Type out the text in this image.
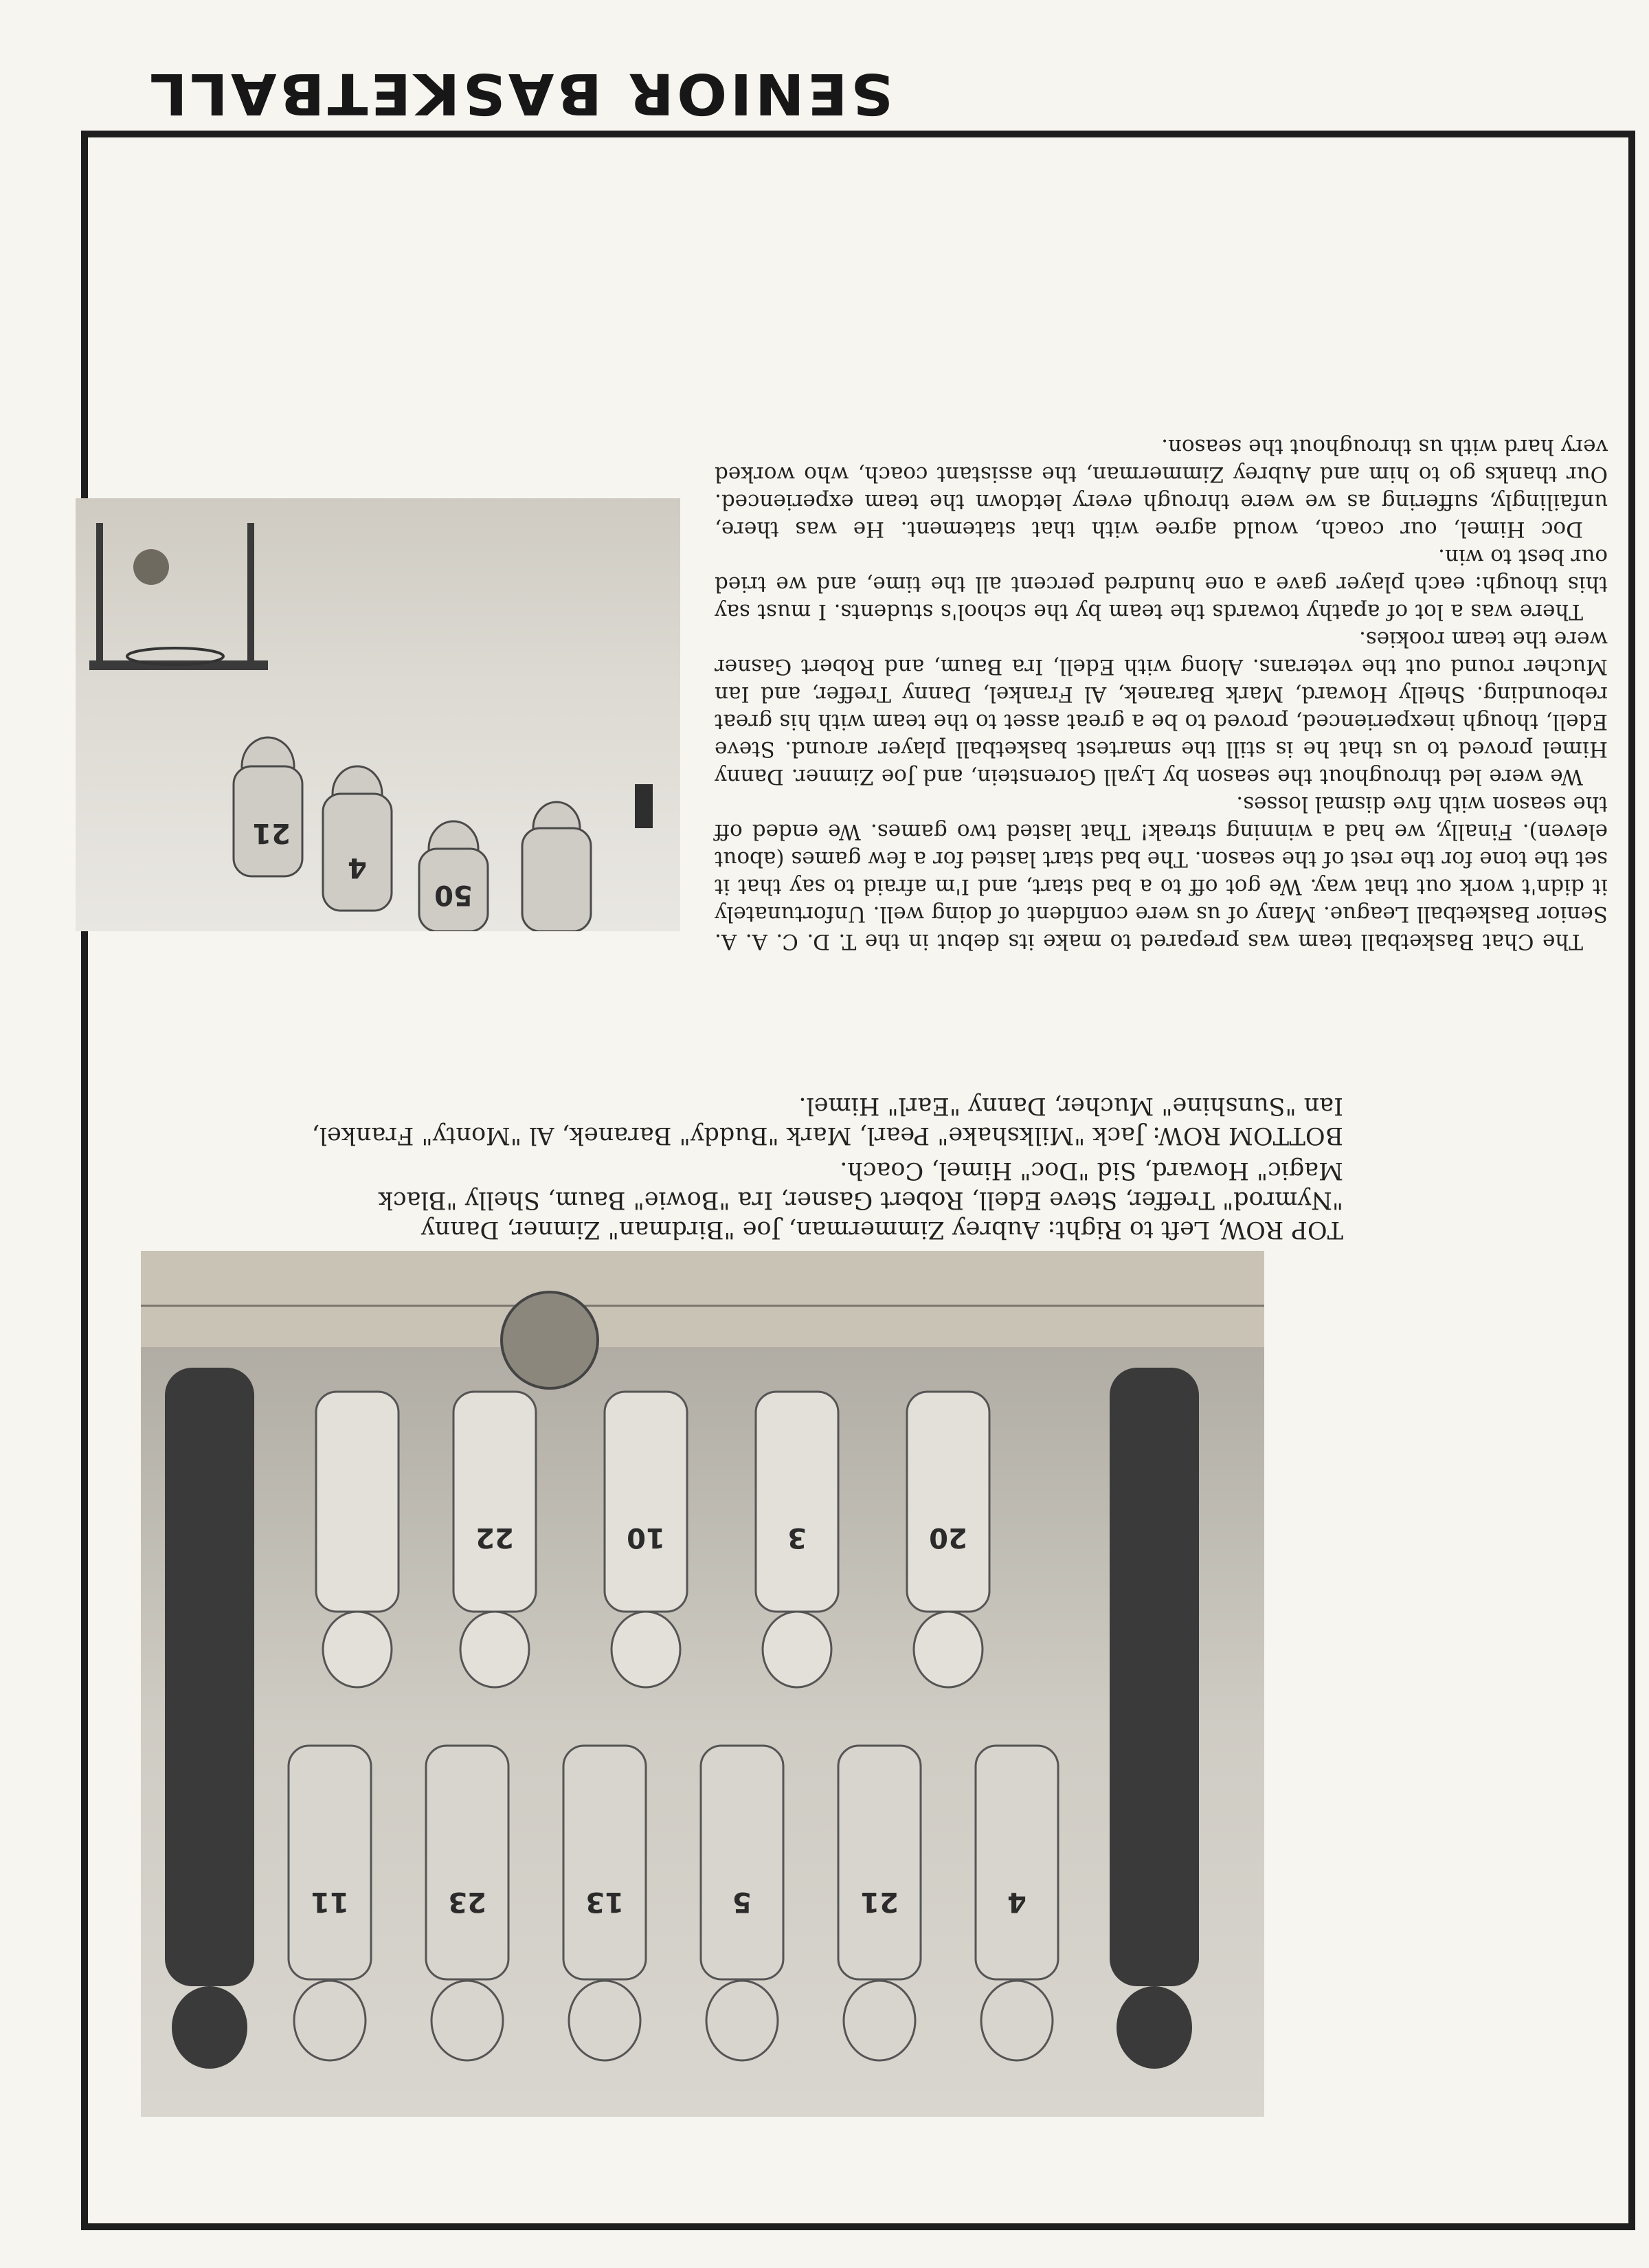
SENIOR BASKETBALL
4
21
5
13
23
11
20
3
10
22

TOP ROW, Left to Right: Aubrey Zimmerman, Joe "Birdman" Zimner, Danny "Nymrod" Treffer, Steve Edell, Robert Gasner, Ira "Bowie" Baum, Shelly "Black Magic" Howard, Sid "Doc" Himel, Coach.

BOTTOM ROW: Jack "Milkshake" Pearl, Mark "Buddy" Baranek, Al "Monty" Frankel, Ian "Sunshine" Mucher, Danny "Earl" Himel.

21
4
50

The Chat Basketball team was prepared to make its debut in the T. D. C. A. A. Senior Basketball League. Many of us were confident of doing well. Unfortunately it didn't work out that way. We got off to a bad start, and I'm afraid to say that it set the tone for the rest of the season. The bad start lasted for a few games (about eleven). Finally, we had a winning streak! That lasted two games. We ended off the season with five dismal losses.

We were led throughout the season by Lyall Gorenstein, and Joe Zimner. Danny Himel proved to us that he is still the smartest basketball player around. Steve Edell, though inexperienced, proved to be a great asset to the team with his great rebounding. Shelly Howard, Mark Baranek, Al Frankel, Danny Treffer, and Ian Mucher round out the veterans. Along with Edell, Ira Baum, and Robert Gasner were the team rookies.

There was a lot of apathy towards the team by the school's students. I must say this though: each player gave a one hundred percent all the time, and we tried our best to win.

Doc Himel, our coach, would agree with that statement. He was there, unfailingly, suffering as we were through every letdown the team experienced. Our thanks go to him and Aubrey Zimmerman, the assistant coach, who worked very hard with us throughout the season.
